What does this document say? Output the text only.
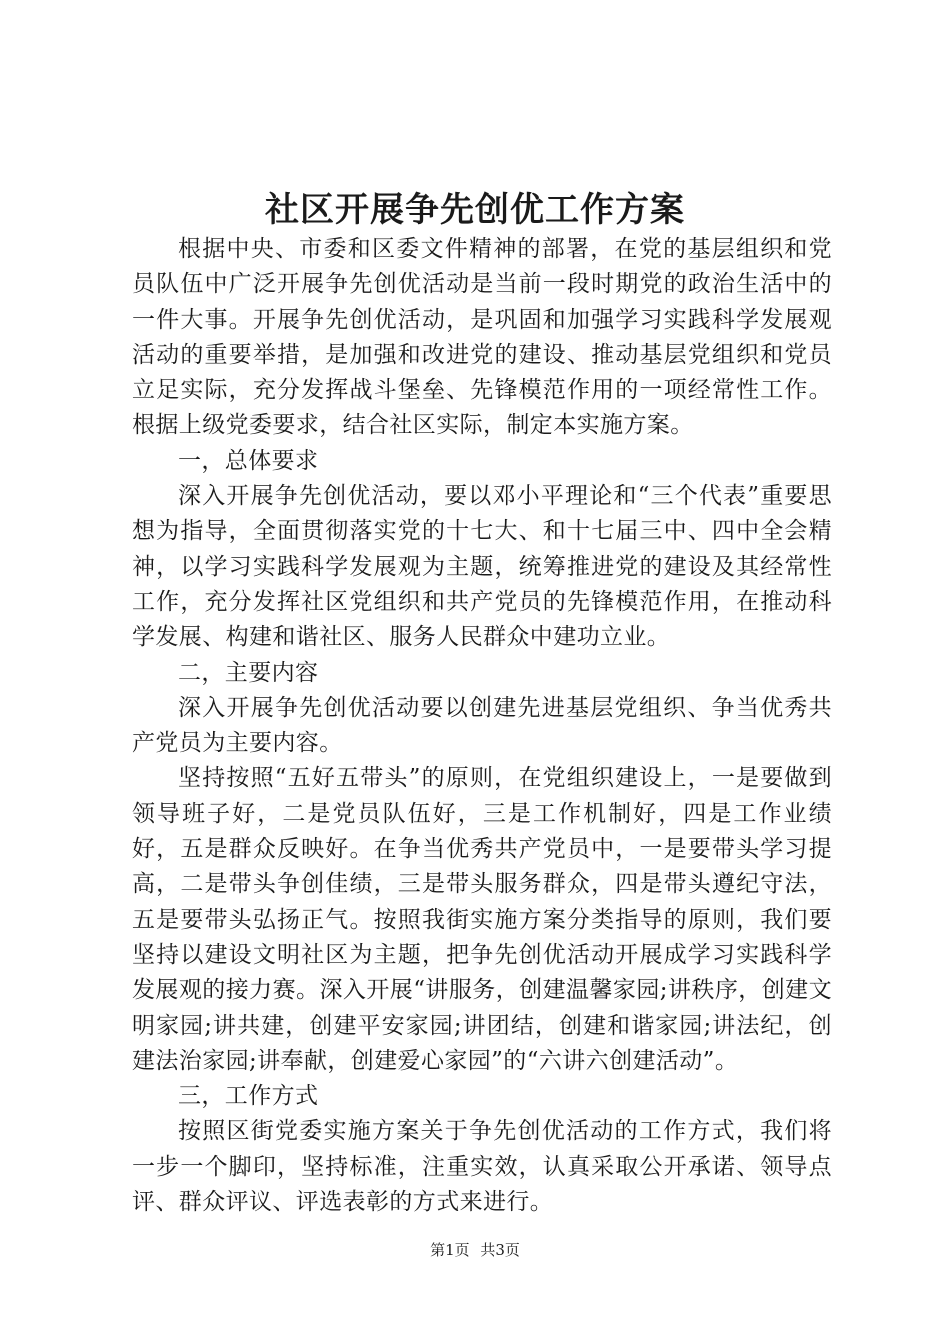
社区开展争先创优工作方案

根据中央、市委和区委文件精神的部署，在党的基层组织和党员队伍中广泛开展争先创优活动是当前一段时期党的政治生活中的一件大事。开展争先创优活动，是巩固和加强学习实践科学发展观活动的重要举措，是加强和改进党的建设、推动基层党组织和党员立足实际，充分发挥战斗堡垒、先锋模范作用的一项经常性工作。根据上级党委要求，结合社区实际，制定本实施方案。

一，总体要求

深入开展争先创优活动，要以邓小平理论和“三个代表”重要思想为指导，全面贯彻落实党的十七大、和十七届三中、四中全会精神，以学习实践科学发展观为主题，统筹推进党的建设及其经常性工作，充分发挥社区党组织和共产党员的先锋模范作用，在推动科学发展、构建和谐社区、服务人民群众中建功立业。

二，主要内容

深入开展争先创优活动要以创建先进基层党组织、争当优秀共产党员为主要内容。

坚持按照“五好五带头”的原则，在党组织建设上，一是要做到领导班子好，二是党员队伍好，三是工作机制好，四是工作业绩好，五是群众反映好。在争当优秀共产党员中，一是要带头学习提高，二是带头争创佳绩，三是带头服务群众，四是带头遵纪守法，五是要带头弘扬正气。按照我街实施方案分类指导的原则，我们要坚持以建设文明社区为主题，把争先创优活动开展成学习实践科学发展观的接力赛。深入开展“讲服务，创建温馨家园;讲秩序，创建文明家园;讲共建，创建平安家园;讲团结，创建和谐家园;讲法纪，创建法治家园;讲奉献，创建爱心家园”的“六讲六创建活动”。

三，工作方式

按照区街党委实施方案关于争先创优活动的工作方式，我们将一步一个脚印，坚持标准，注重实效，认真采取公开承诺、领导点评、群众评议、评选表彰的方式来进行。

第1页 共3页
